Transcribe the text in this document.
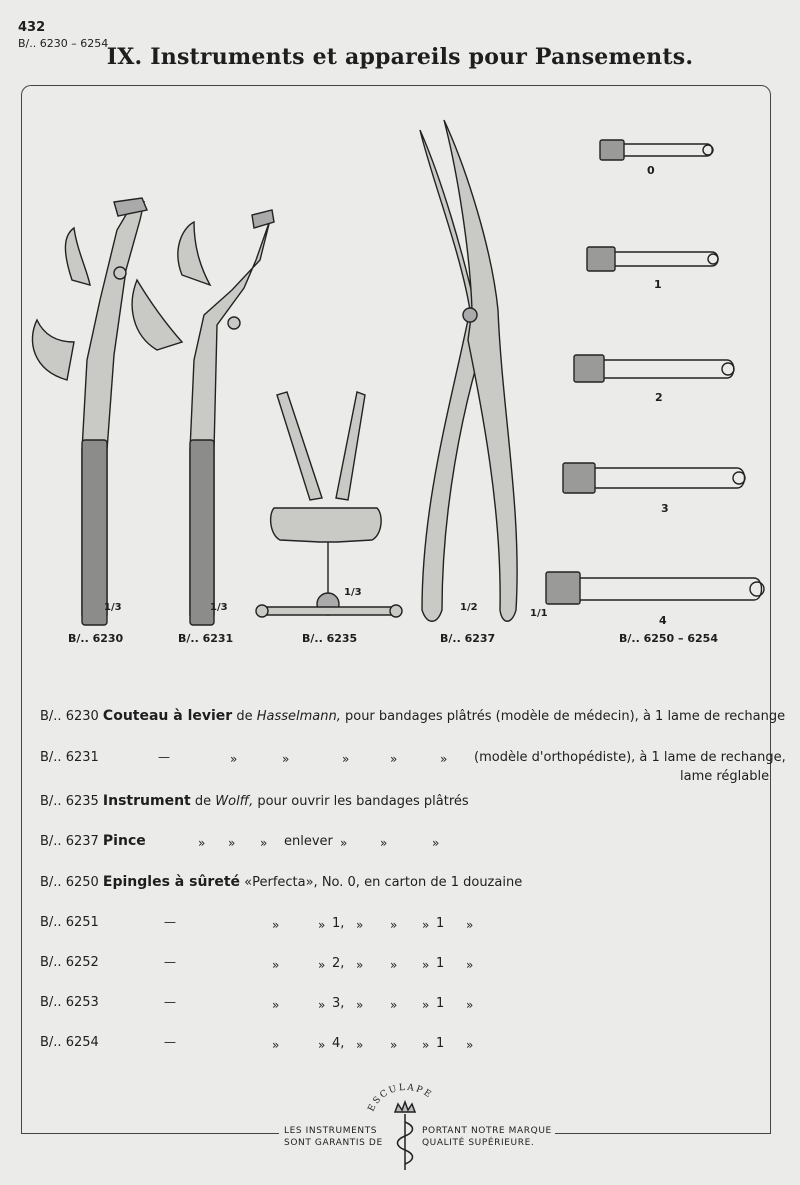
432
B/.. 6230 – 6254
IX. Instruments et appareils pour Pansements.
0
1
2
3
4
1/3	1/3
1/3
1/2
1/1
B/.. 6230	B/.. 6231	B/.. 6235	B/.. 6237	B/.. 6250 – 6254
B/.. 6230 Couteau à levier de Hasselmann, pour bandages plâtrés (modèle de médecin), à 1 lame de rechange
B/.. 6231	—	»	»	»	»	» (modèle d'orthopédiste), à 1 lame de rechange,
lame réglable
B/.. 6235 Instrument de Wolff, pour ouvrir les bandages plâtrés
B/.. 6237 Pince	» » » enlever »	»	»
B/.. 6250 Epingles à sûreté «Perfecta», No. 0, en carton de 1 douzaine
B/.. 6251	—	»	» 1, » » » 1 »
B/.. 6252	—	»	» 2, » » » 1 »
B/.. 6253	—	»	» 3, » » » 1 »
B/.. 6254	—	»	» 4, » » » 1 »
ESCULAPE
LES INSTRUMENTS
SONT GARANTIS DE
PORTANT NOTRE MARQUE
QUALITÉ SUPÉRIEURE.
